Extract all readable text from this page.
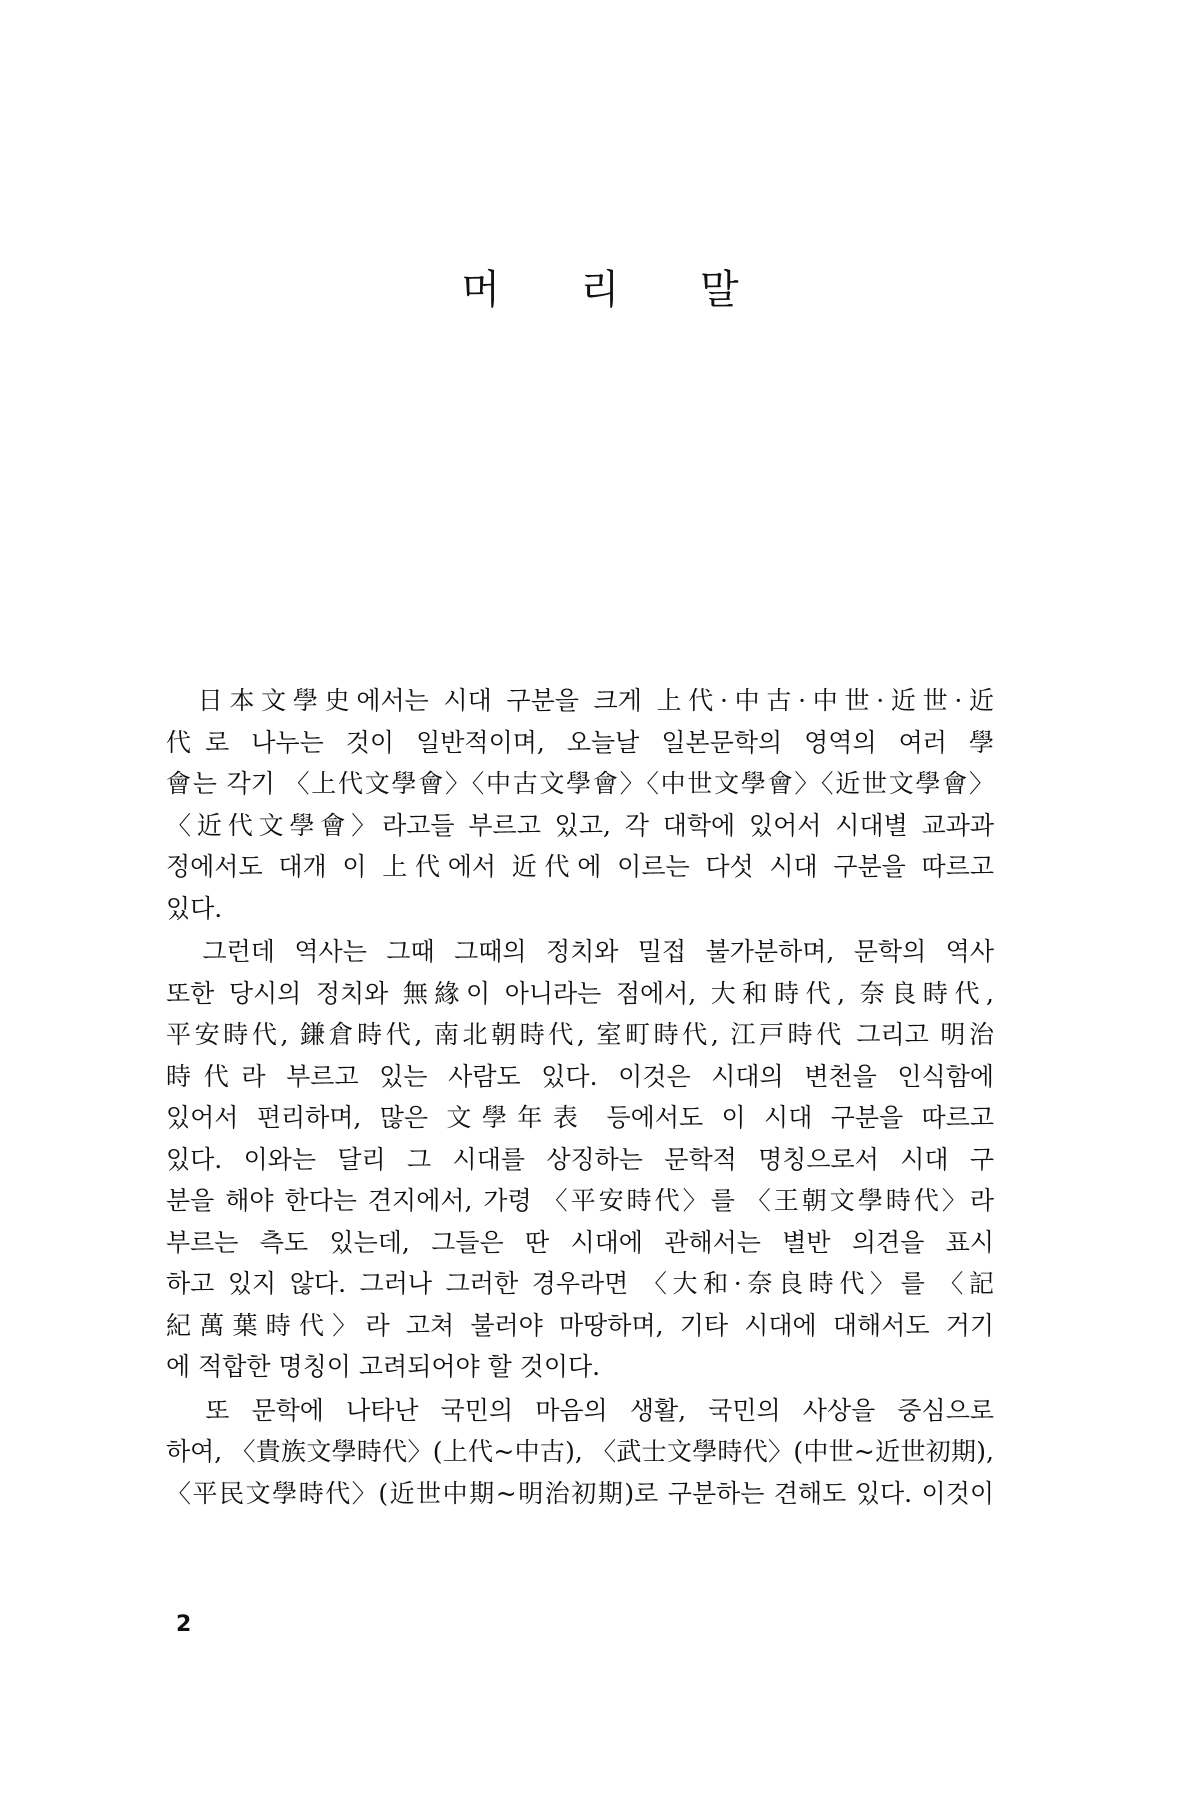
머 리 말
　日本文學史에서는 시대 구분을 크게 上代·中古·中世·近世·近
代로 나누는 것이 일반적이며, 오늘날 일본문학의 영역의 여러 學
會는 각기 〈上代文學會〉〈中古文學會〉〈中世文學會〉〈近世文學會〉
〈近代文學會〉라고들 부르고 있고, 각 대학에 있어서 시대별 교과과
정에서도 대개 이 上代에서 近代에 이르는 다섯 시대 구분을 따르고
있다.
　그런데 역사는 그때 그때의 정치와 밀접 불가분하며, 문학의 역사
또한 당시의 정치와 無緣이 아니라는 점에서, 大和時代, 奈良時代,
平安時代, 鎌倉時代, 南北朝時代, 室町時代, 江戸時代 그리고 明治
時代라 부르고 있는 사람도 있다. 이것은 시대의 변천을 인식함에
있어서 편리하며, 많은 文學年表 등에서도 이 시대 구분을 따르고
있다. 이와는 달리 그 시대를 상징하는 문학적 명칭으로서 시대 구
분을 해야 한다는 견지에서, 가령 〈平安時代〉를 〈王朝文學時代〉라
부르는 측도 있는데, 그들은 딴 시대에 관해서는 별반 의견을 표시
하고 있지 않다. 그러나 그러한 경우라면 〈大和·奈良時代〉를 〈記
紀萬葉時代〉라 고쳐 불러야 마땅하며, 기타 시대에 대해서도 거기
에 적합한 명칭이 고려되어야 할 것이다.
　또 문학에 나타난 국민의 마음의 생활, 국민의 사상을 중심으로
하여, 〈貴族文學時代〉(上代~中古), 〈武士文學時代〉(中世~近世初期),
〈平民文學時代〉(近世中期~明治初期)로 구분하는 견해도 있다. 이것이
2
